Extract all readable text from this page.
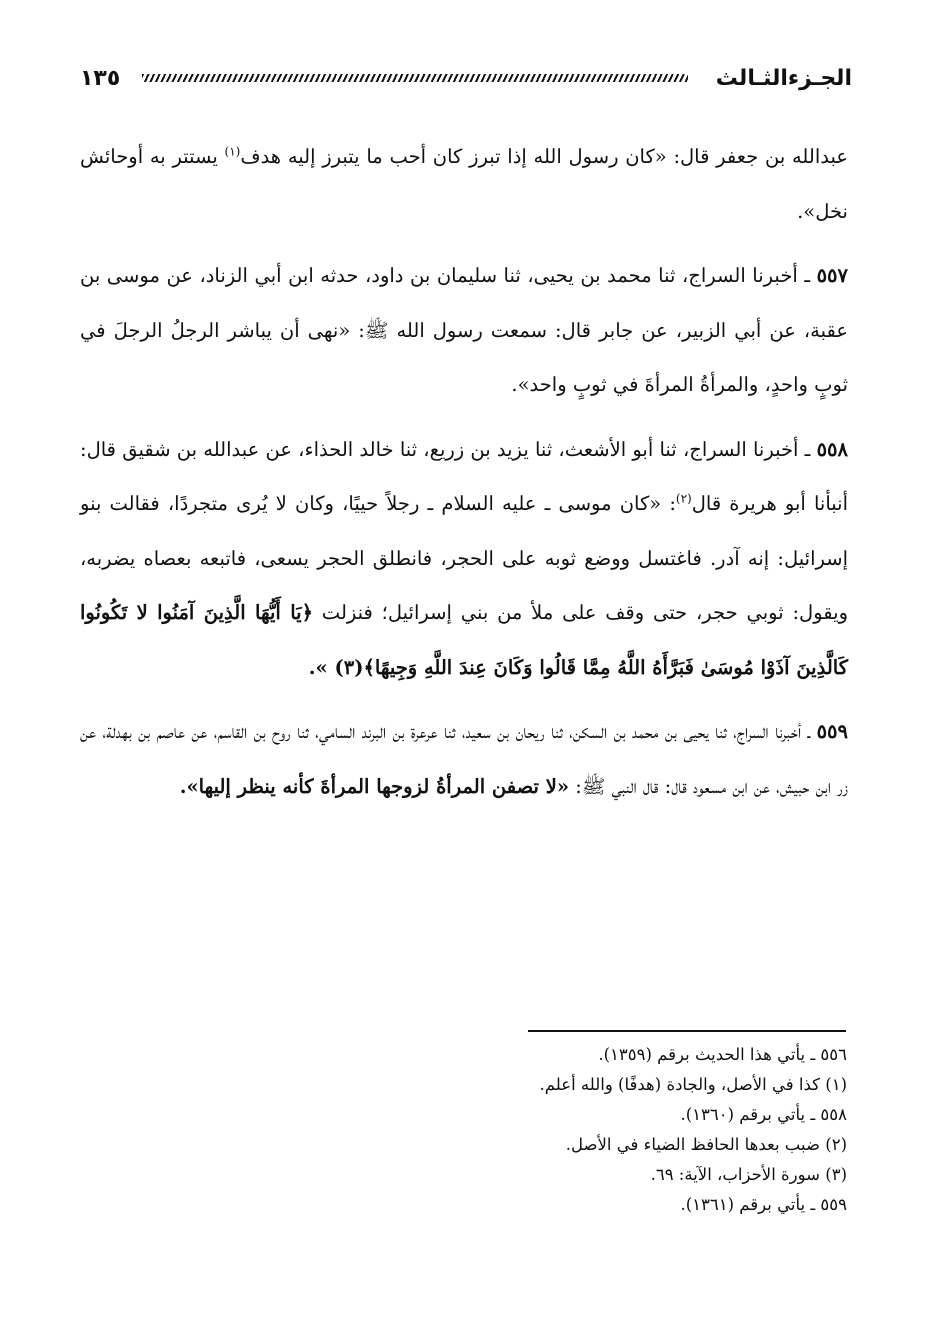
الجـزءالثـالث
١٣٥

عبدالله بن جعفر قال: «كان رسول الله إذا تبرز كان أحب ما يتبرز إليه هدف$^{(١)}$ يستتر به أوحائش نخل».

٥٥٧ ـ أخبرنا السراج، ثنا محمد بن يحيى، ثنا سليمان بن داود، حدثه ابن أبي الزناد، عن موسى بن عقبة، عن أبي الزبير، عن جابر قال: سمعت رسول الله ﷺ: «نهى أن يباشر الرجلُ الرجلَ في ثوبٍ واحدٍ، والمرأةُ المرأةَ في ثوبٍ واحد».

٥٥٨ ـ أخبرنا السراج، ثنا أبو الأشعث، ثنا يزيد بن زريع، ثنا خالد الحذاء، عن عبدالله بن شقيق قال: أنبأنا أبو هريرة قال$^{(٢)}$: «كان موسى ـ عليه السلام ـ رجلاً حييًا، وكان لا يُرى متجردًا، فقالت بنو إسرائيل: إنه آدر. فاغتسل ووضع ثوبه على الحجر، فانطلق الحجر يسعى، فاتبعه بعصاه يضربه، ويقول: ثوبي حجر، حتى وقف على ملأ من بني إسرائيل؛ فنزلت ﴿يَا أَيُّهَا الَّذِينَ آمَنُوا لا تَكُونُوا كَالَّذِينَ آذَوْا مُوسَىٰ فَبَرَّأَهُ اللَّهُ مِمَّا قَالُوا وَكَانَ عِندَ اللَّهِ وَجِيهًا﴾(٣) ».

٥٥٩ ـ أخبرنا السراج، ثنا يحيى بن محمد بن السكن، ثنا ريحان بن سعيد، ثنا عرعرة بن البرند السامي، ثنا روح بن القاسم، عن عاصم بن بهدلة، عن زر ابن حبيش، عن ابن مسعود قال: قال النبي ﷺ: «لا تصفن المرأةُ لزوجها المرأةَ كأنه ينظر إليها».

٥٥٦ ـ يأتي هذا الحديث برقم (١٣٥٩).
(١) كذا في الأصل، والجادة (هدفًا) والله أعلم.
٥٥٨ ـ يأتي برقم (١٣٦٠).
(٢) ضبب بعدها الحافظ الضياء في الأصل.
(٣) سورة الأحزاب، الآية: ٦٩.
٥٥٩ ـ يأتي برقم (١٣٦١).
